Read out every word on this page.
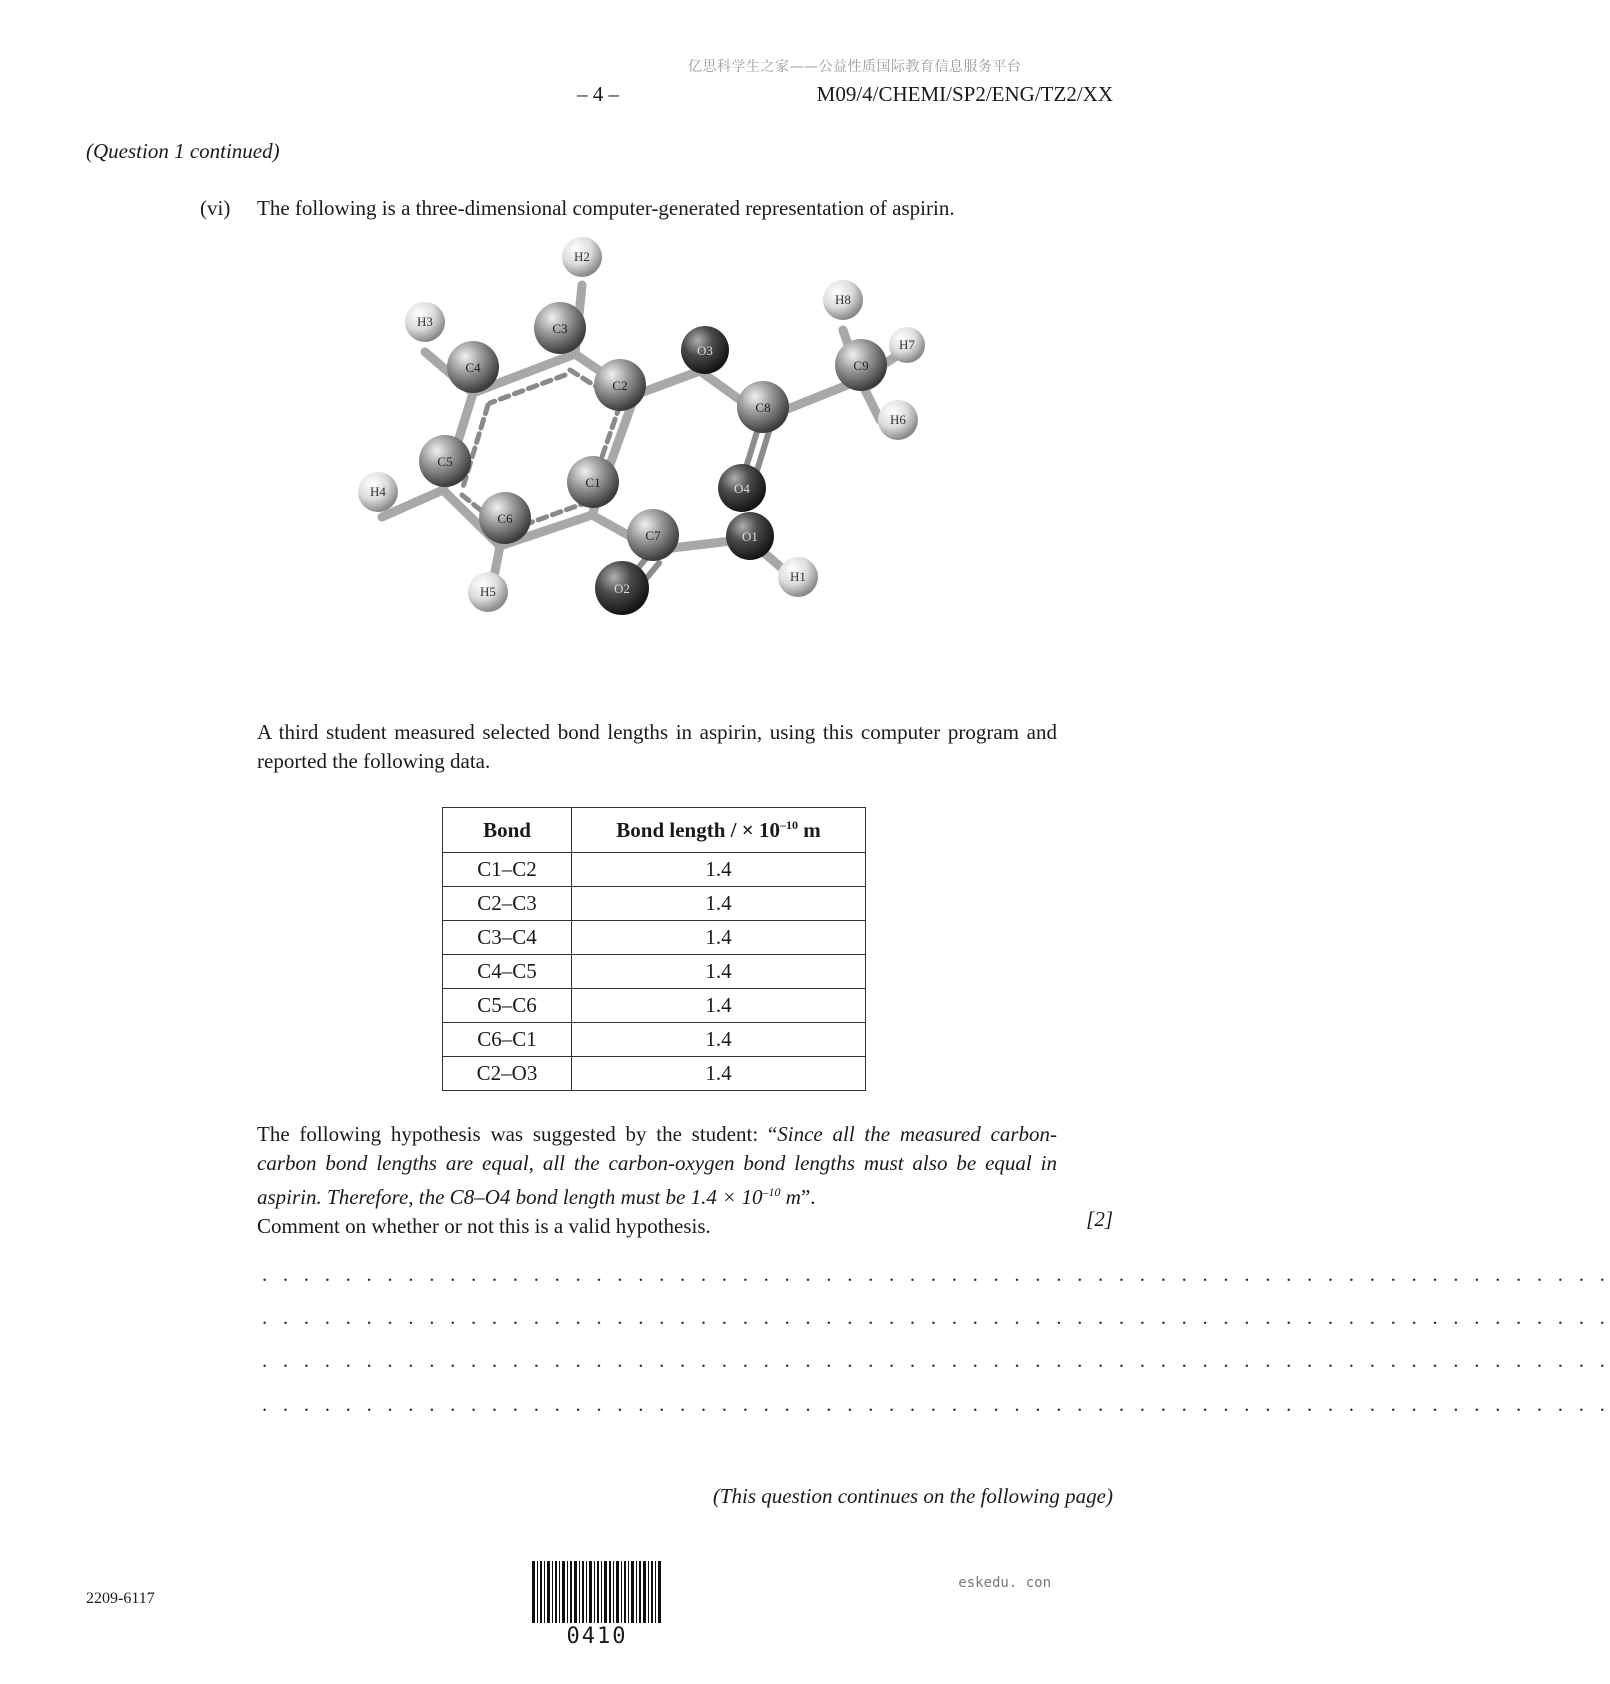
亿思科学生之家——公益性质国际教育信息服务平台
– 4 –	M09/4/CHEMI/SP2/ENG/TZ2/XX
(Question 1 continued)
(vi) The following is a three-dimensional computer-generated representation of aspirin.
H2
H3
H8
H7
H6
H4
H5
H1
C3
C4
C2
O3
C9
C8
C5
C1	O4
C6
C7	O1
O2
A third student measured selected bond lengths in aspirin, using this computer program and reported the following data.
Bond	Bond length / × $10^{-10}$ m
C1–C2	1.4
C2–C3	1.4
C3–C4	1.4
C4–C5	1.4
C5–C6	1.4
C6–C1	1.4
C2–O3	1.4
The following hypothesis was suggested by the student: “Since all the measured carbon-carbon bond lengths are equal, all the carbon-oxygen bond lengths must also be equal in aspirin. Therefore, the C8–O4 bond length must be $1.4 \times 10^{-10}$ m”.
Comment on whether or not this is a valid hypothesis.	[2]
. . . . . . . . . . . . . . . . . . . . . . . . . . . . . . . . . . . . . . . . . . . . . . . . . . . . . . . . . . . . . . . . .
. . . . . . . . . . . . . . . . . . . . . . . . . . . . . . . . . . . . . . . . . . . . . . . . . . . . . . . . . . . . . . . . .
. . . . . . . . . . . . . . . . . . . . . . . . . . . . . . . . . . . . . . . . . . . . . . . . . . . . . . . . . . . . . . . . .
. . . . . . . . . . . . . . . . . . . . . . . . . . . . . . . . . . . . . . . . . . . . . . . . . . . . . . . . . . . . . . . . .
(This question continues on the following page)
2209-6117
eskedu. con
0410
